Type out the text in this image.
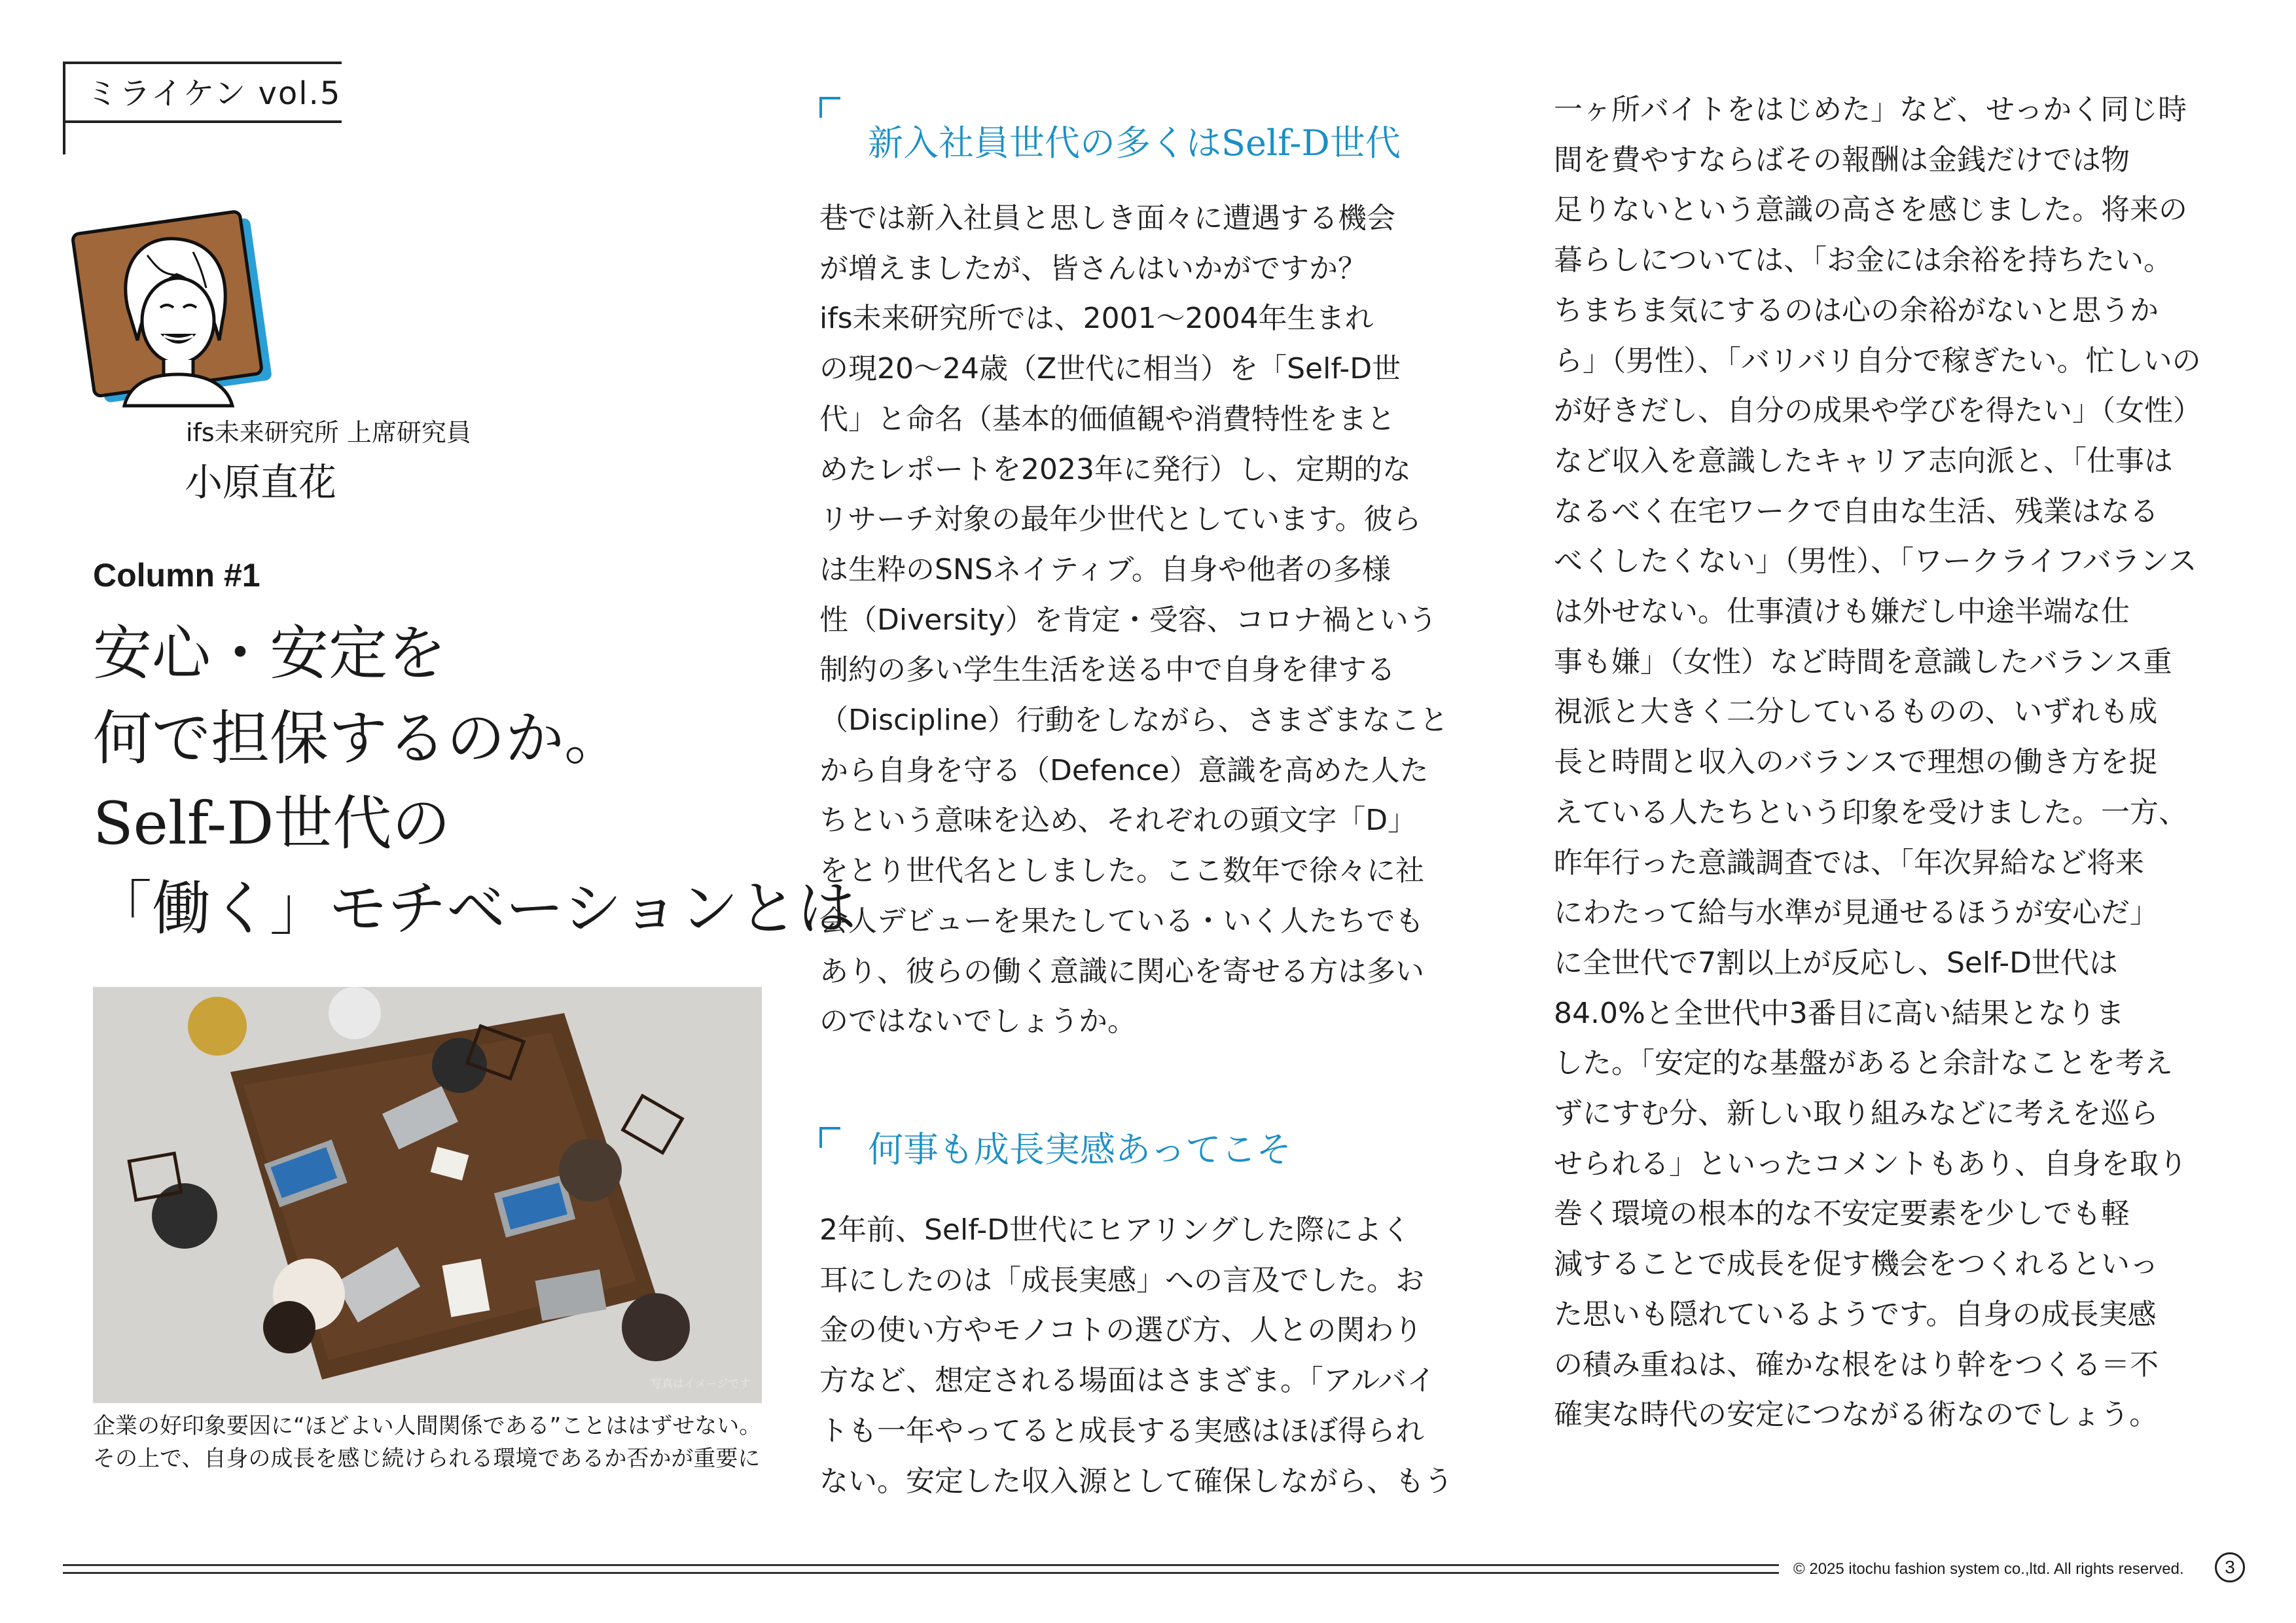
ミライケン vol.5
ifs未来研究所 上席研究員
小原直花
Column #1
安心・安定を
何で担保するのか。
Self-D世代の
「働く」モチベーションとは
写真はイメージです
企業の好印象要因に“ほどよい人間関係である”ことははずせない。その上で、自身の成長を感じ続けられる環境であるか否かが重要に
新入社員世代の多くはSelf-D世代
巷では新入社員と思しき面々に遭遇する機会
が増えましたが、皆さんはいかがですか？
ifs未来研究所では、2001～2004年生まれ
の現20～24歳（Z世代に相当）を「Self-D世
代」と命名（基本的価値観や消費特性をまと
めたレポートを2023年に発行）し、定期的な
リサーチ対象の最年少世代としています。彼ら
は生粋のSNSネイティブ。自身や他者の多様
性（Diversity）を肯定・受容、コロナ禍という
制約の多い学生生活を送る中で自身を律する
（Discipline）行動をしながら、さまざまなこと
から自身を守る（Defence）意識を高めた人た
ちという意味を込め、それぞれの頭文字「D」
をとり世代名としました。ここ数年で徐々に社
会人デビューを果たしている・いく人たちでも
あり、彼らの働く意識に関心を寄せる方は多い
のではないでしょうか。
何事も成長実感あってこそ
2年前、Self-D世代にヒアリングした際によく
耳にしたのは「成長実感」への言及でした。お
金の使い方やモノコトの選び方、人との関わり
方など、想定される場面はさまざま。「アルバイ
トも一年やってると成長する実感はほぼ得られ
ない。安定した収入源として確保しながら、もう
一ヶ所バイトをはじめた」など、せっかく同じ時
間を費やすならばその報酬は金銭だけでは物
足りないという意識の高さを感じました。将来の
暮らしについては、「お金には余裕を持ちたい。
ちまちま気にするのは心の余裕がないと思うか
ら」（男性）、「バリバリ自分で稼ぎたい。忙しいの
が好きだし、自分の成果や学びを得たい」（女性）
など収入を意識したキャリア志向派と、「仕事は
なるべく在宅ワークで自由な生活、残業はなる
べくしたくない」（男性）、「ワークライフバランス
は外せない。仕事漬けも嫌だし中途半端な仕
事も嫌」（女性）など時間を意識したバランス重
視派と大きく二分しているものの、いずれも成
長と時間と収入のバランスで理想の働き方を捉
えている人たちという印象を受けました。一方、
昨年行った意識調査では、「年次昇給など将来
にわたって給与水準が見通せるほうが安心だ」
に全世代で7割以上が反応し、Self-D世代は
84.0%と全世代中3番目に高い結果となりま
した。「安定的な基盤があると余計なことを考え
ずにすむ分、新しい取り組みなどに考えを巡ら
せられる」といったコメントもあり、自身を取り
巻く環境の根本的な不安定要素を少しでも軽
減することで成長を促す機会をつくれるといっ
た思いも隠れているようです。自身の成長実感
の積み重ねは、確かな根をはり幹をつくる＝不
確実な時代の安定につながる術なのでしょう。
© 2025 itochu fashion system co.,ltd. All rights reserved.	3
